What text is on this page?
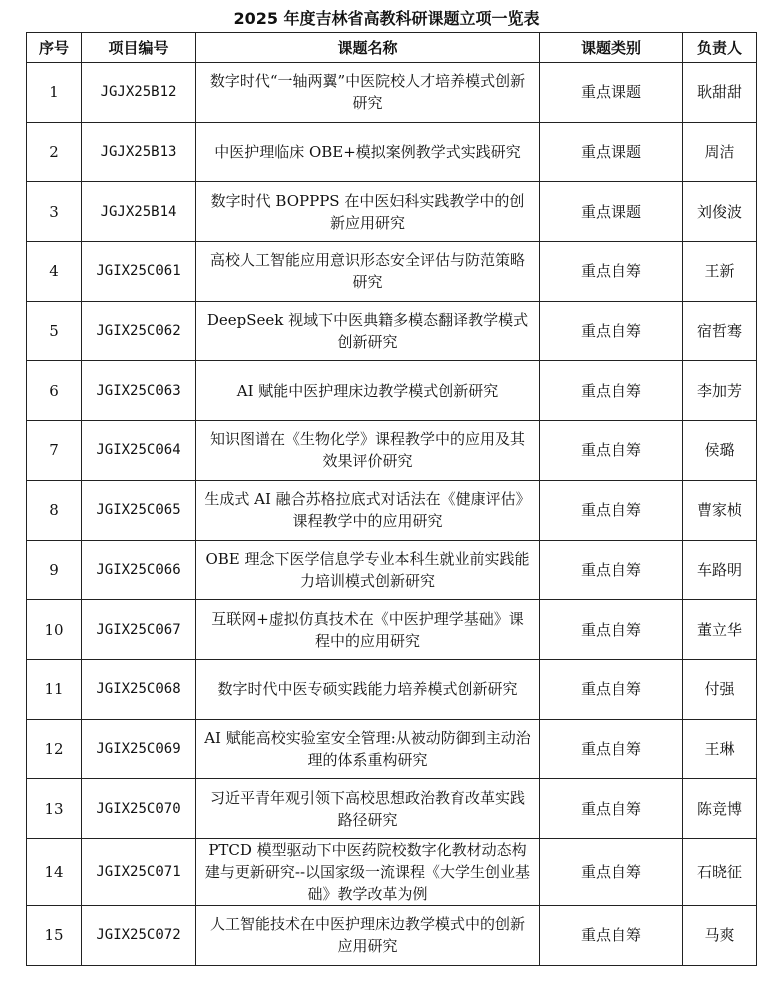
2025 年度吉林省高教科研课题立项一览表
序号	项目编号	课题名称	课题类别	负责人
1	JGJX25B12	数字时代“一轴两翼”中医院校人才培养模式创新研究	重点课题	耿甜甜
2	JGJX25B13	中医护理临床 OBE+模拟案例教学式实践研究	重点课题	周洁
3	JGJX25B14	数字时代 BOPPPS 在中医妇科实践教学中的创新应用研究	重点课题	刘俊波
4	JGIX25C061	高校人工智能应用意识形态安全评估与防范策略研究	重点自筹	王新
5	JGIX25C062	DeepSeek 视域下中医典籍多模态翻译教学模式创新研究	重点自筹	宿哲骞
6	JGIX25C063	AI 赋能中医护理床边教学模式创新研究	重点自筹	李加芳
7	JGIX25C064	知识图谱在《生物化学》课程教学中的应用及其效果评价研究	重点自筹	侯璐
8	JGIX25C065	生成式 AI 融合苏格拉底式对话法在《健康评估》课程教学中的应用研究	重点自筹	曹家桢
9	JGIX25C066	OBE 理念下医学信息学专业本科生就业前实践能力培训模式创新研究	重点自筹	车路明
10	JGIX25C067	互联网+虚拟仿真技术在《中医护理学基础》课程中的应用研究	重点自筹	董立华
11	JGIX25C068	数字时代中医专硕实践能力培养模式创新研究	重点自筹	付强
12	JGIX25C069	AI 赋能高校实验室安全管理:从被动防御到主动治理的体系重构研究	重点自筹	王琳
13	JGIX25C070	习近平青年观引领下高校思想政治教育改革实践路径研究	重点自筹	陈竞博
14	JGIX25C071	PTCD 模型驱动下中医药院校数字化教材动态构建与更新研究--以国家级一流课程《大学生创业基础》教学改革为例	重点自筹	石晓征
15	JGIX25C072	人工智能技术在中医护理床边教学模式中的创新应用研究	重点自筹	马爽
